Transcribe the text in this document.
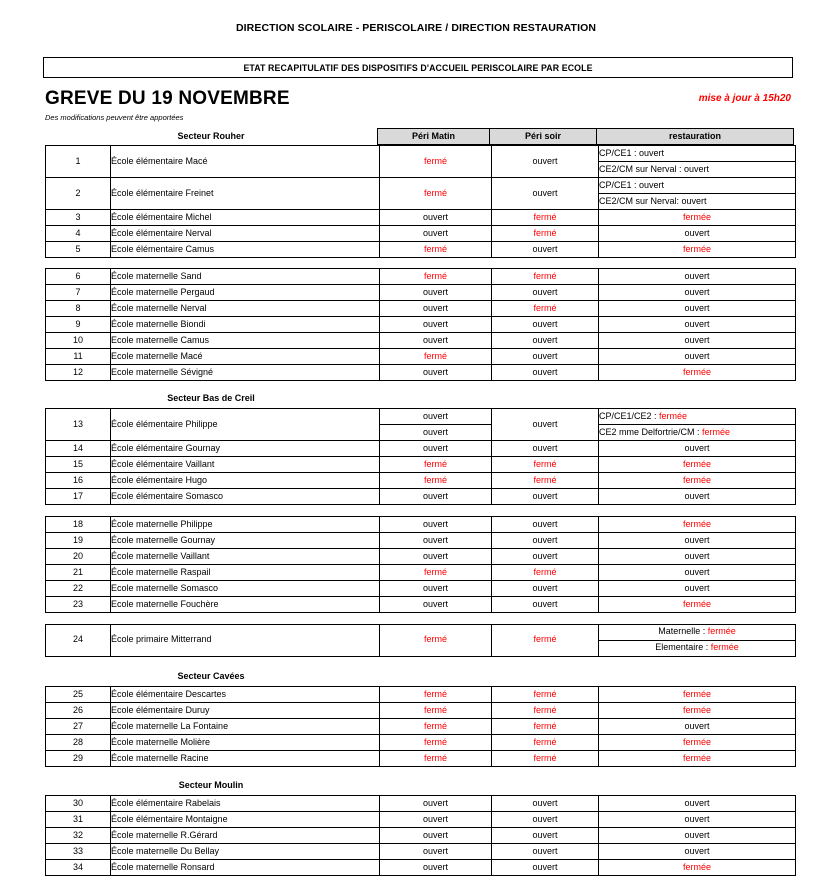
DIRECTION SCOLAIRE - PERISCOLAIRE / DIRECTION RESTAURATION
ETAT RECAPITULATIF DES DISPOSITIFS D'ACCUEIL PERISCOLAIRE PAR ECOLE
GREVE DU 19 NOVEMBRE	mise à jour à 15h20
Des modifications peuvent être apportées
Secteur Rouher	Péri Matin	Péri soir	restauration
1	École élémentaire Macé	fermé	ouvert	CP/CE1 : ouvert
				CE2/CM sur Nerval : ouvert
2	École élémentaire Freinet	fermé	ouvert	CP/CE1 : ouvert
				CE2/CM sur Nerval: ouvert
3	École élémentaire Michel	ouvert	fermé	fermée
4	École élémentaire Nerval	ouvert	fermé	ouvert
5	Ecole élémentaire Camus	fermé	ouvert	fermée
6	École maternelle Sand	fermé	fermé	ouvert
7	École maternelle Pergaud	ouvert	ouvert	ouvert
8	École maternelle Nerval	ouvert	fermé	ouvert
9	École maternelle Biondi	ouvert	ouvert	ouvert
10	Ecole maternelle Camus	ouvert	ouvert	ouvert
11	Ecole maternelle Macé	fermé	ouvert	ouvert
12	Ecole maternelle Sévigné	ouvert	ouvert	fermée
Secteur Bas de Creil
13	École élémentaire Philippe	ouvert	ouvert	CP/CE1/CE2 : fermée
		ouvert		CE2 mme Delfortrie/CM : fermée
14	École élémentaire Gournay	ouvert	ouvert	ouvert
15	École élémentaire Vaillant	fermé	fermé	fermée
16	École élémentaire Hugo	fermé	fermé	fermée
17	Ecole élémentaire Somasco	ouvert	ouvert	ouvert
18	École maternelle Philippe	ouvert	ouvert	fermée
19	École maternelle Gournay	ouvert	ouvert	ouvert
20	École maternelle Vaillant	ouvert	ouvert	ouvert
21	École maternelle Raspail	fermé	fermé	ouvert
22	Ecole maternelle Somasco	ouvert	ouvert	ouvert
23	Ecole maternelle Fouchère	ouvert	ouvert	fermée
24	École primaire Mitterrand	fermé	fermé	Maternelle : fermée
Elementaire : fermée
Secteur Cavées
25	École élémentaire Descartes	fermé	fermé	fermée
26	Ecole élémentaire Duruy	fermé	fermé	fermée
27	École maternelle La Fontaine	fermé	fermé	ouvert
28	École maternelle Molière	fermé	fermé	fermée
29	École maternelle Racine	fermé	fermé	fermée
Secteur Moulin
30	École élémentaire Rabelais	ouvert	ouvert	ouvert
31	École élémentaire Montaigne	ouvert	ouvert	ouvert
32	École maternelle R.Gérard	ouvert	ouvert	ouvert
33	École maternelle Du Bellay	ouvert	ouvert	ouvert
34	École maternelle Ronsard	ouvert	ouvert	fermée
